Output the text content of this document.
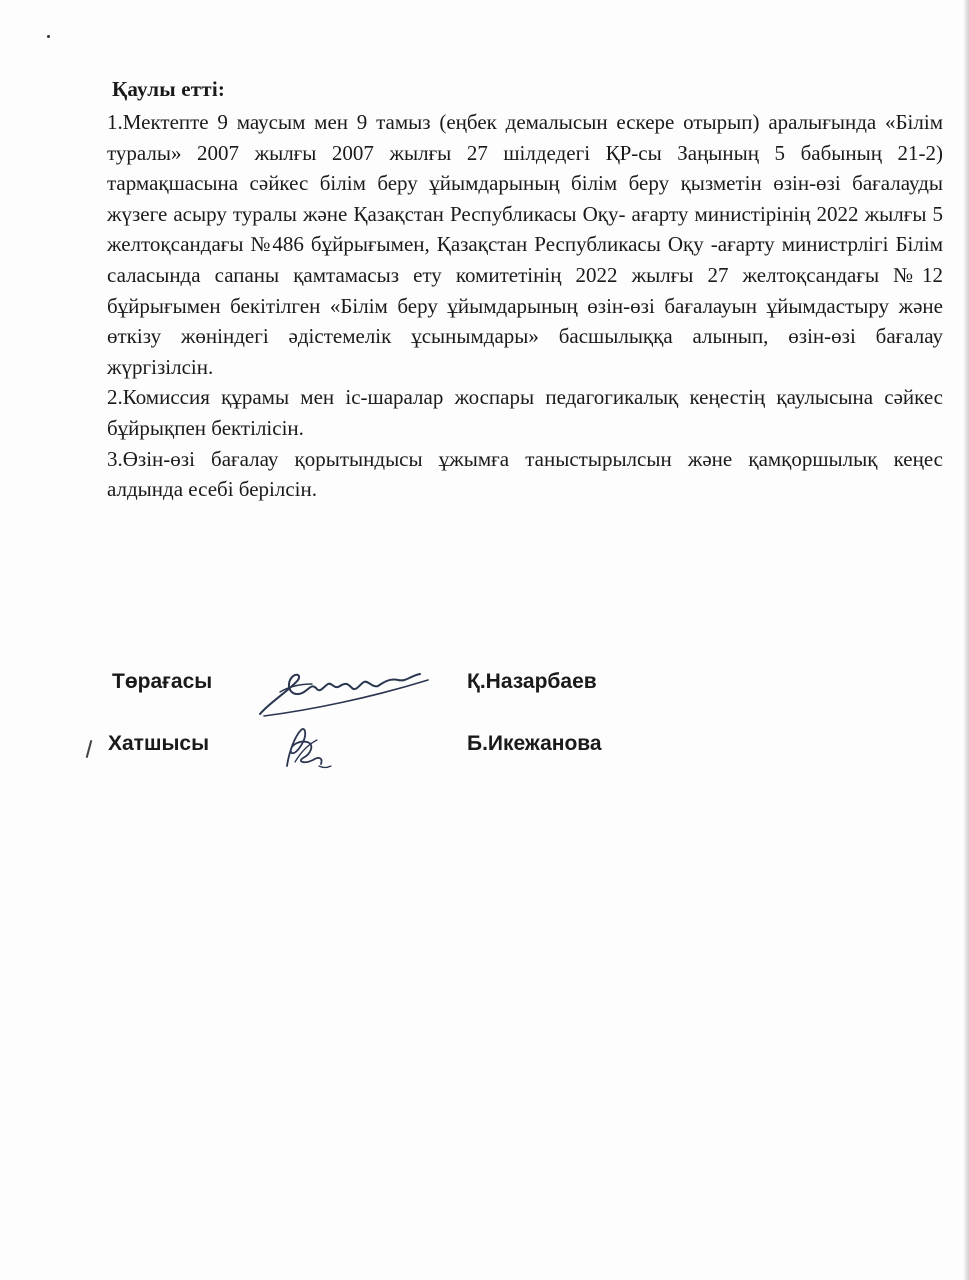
Қаулы етті:

1.Мектепте 9 маусым мен 9 тамыз (еңбек демалысын ескере отырып) аралығында «Білім туралы» 2007 жылғы 2007 жылғы 27 шілдедегі ҚР-сы Заңының 5 бабының 21-2) тармақшасына сәйкес білім беру ұйымдарының білім беру қызметін өзін-өзі бағалауды жүзеге асыру туралы және Қазақстан Республикасы Оқу- ағарту министірінің 2022 жылғы 5 желтоқсандағы №486 бұйрығымен, Қазақстан Республикасы Оқу -ағарту министрлігі Білім саласында сапаны қамтамасыз ету комитетінің 2022 жылғы 27 желтоқсандағы №12 бұйрығымен бекітілген «Білім беру ұйымдарының өзін-өзі бағалауын ұйымдастыру және өткізу жөніндегі әдістемелік ұсынымдары» басшылыққа алынып, өзін-өзі бағалау жүргізілсін.

2.Комиссия құрамы мен іс-шаралар жоспары педагогикалық кеңестің қаулысына сәйкес бұйрықпен бектілісін.

3.Өзін-өзі бағалау қорытындысы ұжымға таныстырылсын және қамқоршылық кеңес алдында есебі берілсін.

Төрағасы	Қ.Назарбаев
Хатшысы	Б.Икежанова
